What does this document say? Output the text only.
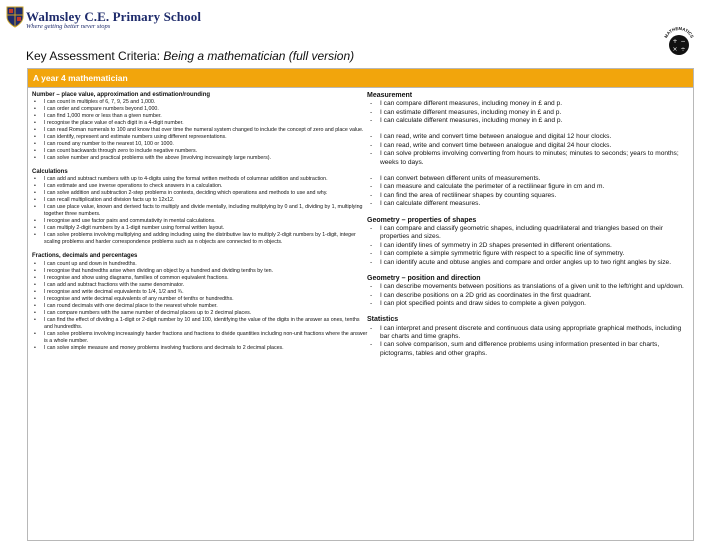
Walmsley C.E. Primary School
Where getting better never stops
Key Assessment Criteria: Being a mathematician (full version)
MATHEMATICS
+ −
× ÷
A year 4 mathematician
Number – place value, approximation and estimation/rounding
• I can count in multiples of 6, 7, 9, 25 and 1,000.
• I can order and compare numbers beyond 1,000.
• I can find 1,000 more or less than a given number.
• I recognise the place value of each digit in a 4-digit number.
• I can read Roman numerals to 100 and know that over time the numeral system changed to include the concept of zero and place value.
• I can identify, represent and estimate numbers using different representations.
• I can round any number to the nearest 10, 100 or 1000.
• I can count backwards through zero to include negative numbers.
• I can solve number and practical problems with the above (involving increasingly large numbers).
Calculations
• I can add and subtract numbers with up to 4-digits using the formal written methods of columnar addition and subtraction.
• I can estimate and use inverse operations to check answers in a calculation.
• I can solve addition and subtraction 2-step problems in contexts, deciding which operations and methods to use and why.
• I can recall multiplication and division facts up to 12x12.
• I can use place value, known and derived facts to multiply and divide mentally, including multiplying by 0 and 1, dividing by 1, multiplying together three numbers.
• I recognise and use factor pairs and commutativity in mental calculations.
• I can multiply 2-digit numbers by a 1-digit number using formal written layout.
• I can solve problems involving multiplying and adding including using the distributive law to multiply 2-digit numbers by 1-digit, integer scaling problems and harder correspondence problems such as n objects are connected to m objects.
Fractions, decimals and percentages
• I can count up and down in hundredths.
• I recognise that hundredths arise when dividing an object by a hundred and dividing tenths by ten.
• I recognise and show using diagrams, families of common equivalent fractions.
• I can add and subtract fractions with the same denominator.
• I recognise and write decimal equivalents to 1/4, 1/2 and ¾.
• I recognise and write decimal equivalents of any number of tenths or hundredths.
• I can round decimals with one decimal place to the nearest whole number.
• I can compare numbers with the same number of decimal places up to 2 decimal places.
• I can find the effect of dividing a 1-digit or 2-digit number by 10 and 100, identifying the value of the digits in the answer as ones, tenths and hundredths.
• I can solve problems involving increasingly harder fractions and fractions to divide quantities including non-unit fractions where the answer is a whole number.
• I can solve simple measure and money problems involving fractions and decimals to 2 decimal places.
Measurement
- I can compare different measures, including money in £ and p.
- I can estimate different measures, including money in £ and p.
- I can calculate different measures, including money in £ and p.
- I can read, write and convert time between analogue and digital 12 hour clocks.
- I can read, write and convert time between analogue and digital 24 hour clocks.
- I can solve problems involving converting from hours to minutes; minutes to seconds; years to months; weeks to days.
- I can convert between different units of measurements.
- I can measure and calculate the perimeter of a rectilinear figure in cm and m.
- I can find the area of rectilinear shapes by counting squares.
- I can calculate different measures.
Geometry – properties of shapes
- I can compare and classify geometric shapes, including quadrilateral and triangles based on their properties and sizes.
- I can identify lines of symmetry in 2D shapes presented in different orientations.
- I can complete a simple symmetric figure with respect to a specific line of symmetry.
- I can identify acute and obtuse angles and compare and order angles up to two right angles by size.
Geometry – position and direction
- I can describe movements between positions as translations of a given unit to the left/right and up/down.
- I can describe positions on a 2D grid as coordinates in the first quadrant.
- I can plot specified points and draw sides to complete a given polygon.
Statistics
- I can interpret and present discrete and continuous data using appropriate graphical methods, including bar charts and time graphs.
- I can solve comparison, sum and difference problems using information presented in bar charts, pictograms, tables and other graphs.
